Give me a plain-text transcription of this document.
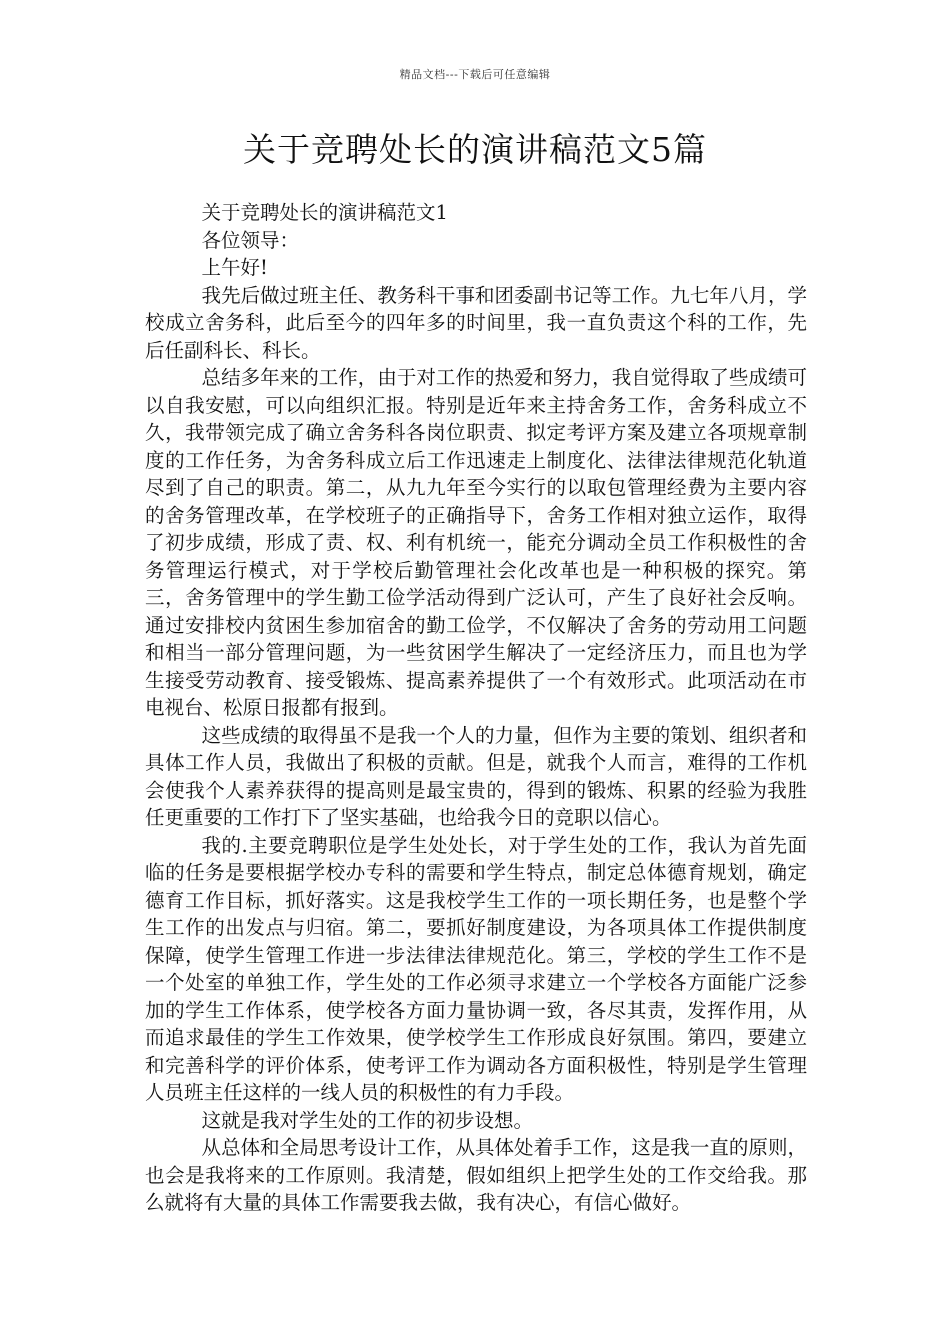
精品文档---下载后可任意编辑
关于竞聘处长的演讲稿范文5篇

关于竞聘处长的演讲稿范文1

各位领导：

上午好!

我先后做过班主任、教务科干事和团委副书记等工作。九七年八月，学校成立舍务科，此后至今的四年多的时间里，我一直负责这个科的工作，先后任副科长、科长。

总结多年来的工作，由于对工作的热爱和努力，我自觉得取了些成绩可以自我安慰，可以向组织汇报。特别是近年来主持舍务工作，舍务科成立不久，我带领完成了确立舍务科各岗位职责、拟定考评方案及建立各项规章制度的工作任务，为舍务科成立后工作迅速走上制度化、法律法律规范化轨道尽到了自己的职责。第二，从九九年至今实行的以取包管理经费为主要内容的舍务管理改革，在学校班子的正确指导下，舍务工作相对独立运作，取得了初步成绩，形成了责、权、利有机统一，能充分调动全员工作积极性的舍务管理运行模式，对于学校后勤管理社会化改革也是一种积极的探究。第三，舍务管理中的学生勤工俭学活动得到广泛认可，产生了良好社会反响。通过安排校内贫困生参加宿舍的勤工俭学，不仅解决了舍务的劳动用工问题和相当一部分管理问题，为一些贫困学生解决了一定经济压力，而且也为学生接受劳动教育、接受锻炼、提高素养提供了一个有效形式。此项活动在市电视台、松原日报都有报到。

这些成绩的取得虽不是我一个人的力量，但作为主要的策划、组织者和具体工作人员，我做出了积极的贡献。但是，就我个人而言，难得的工作机会使我个人素养获得的提高则是最宝贵的，得到的锻炼、积累的经验为我胜任更重要的工作打下了坚实基础，也给我今日的竞职以信心。

我的.主要竞聘职位是学生处处长，对于学生处的工作，我认为首先面临的任务是要根据学校办专科的需要和学生特点，制定总体德育规划，确定德育工作目标，抓好落实。这是我校学生工作的一项长期任务，也是整个学生工作的出发点与归宿。第二，要抓好制度建设，为各项具体工作提供制度保障，使学生管理工作进一步法律法律规范化。第三，学校的学生工作不是一个处室的单独工作，学生处的工作必须寻求建立一个学校各方面能广泛参加的学生工作体系，使学校各方面力量协调一致，各尽其责，发挥作用，从而追求最佳的学生工作效果，使学校学生工作形成良好氛围。第四，要建立和完善科学的评价体系，使考评工作为调动各方面积极性，特别是学生管理人员班主任这样的一线人员的积极性的有力手段。

这就是我对学生处的工作的初步设想。

从总体和全局思考设计工作，从具体处着手工作，这是我一直的原则，也会是我将来的工作原则。我清楚，假如组织上把学生处的工作交给我。那么就将有大量的具体工作需要我去做，我有决心，有信心做好。
